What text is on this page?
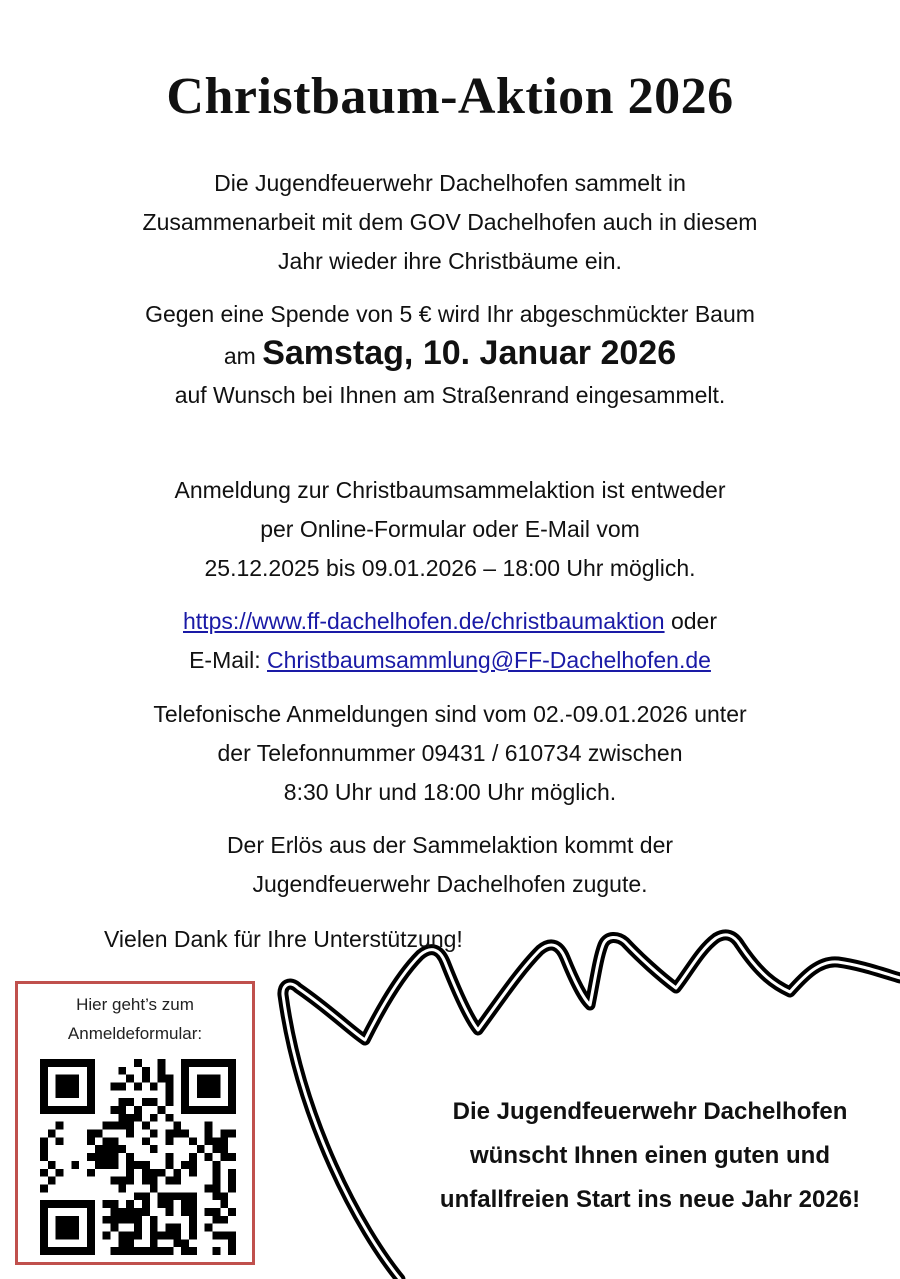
Christbaum-Aktion 2026

Die Jugendfeuerwehr Dachelhofen sammelt in
Zusammenarbeit mit dem GOV Dachelhofen auch in diesem
Jahr wieder ihre Christbäume ein.

Gegen eine Spende von 5 € wird Ihr abgeschmückter Baum
am Samstag, 10. Januar 2026
auf Wunsch bei Ihnen am Straßenrand eingesammelt.

Anmeldung zur Christbaumsammelaktion ist entweder
per Online-Formular oder E-Mail vom
25.12.2025 bis 09.01.2026 – 18:00 Uhr möglich.

https://www.ff-dachelhofen.de/christbaumaktion oder
E-Mail: Christbaumsammlung@FF-Dachelhofen.de

Telefonische Anmeldungen sind vom 02.-09.01.2026 unter
der Telefonnummer 09431 / 610734 zwischen
8:30 Uhr und 18:00 Uhr möglich.

Der Erlös aus der Sammelaktion kommt der
Jugendfeuerwehr Dachelhofen zugute.

Vielen Dank für Ihre Unterstützung!

Hier geht’s zum
Anmeldeformular:

Die Jugendfeuerwehr Dachelhofen
wünscht Ihnen einen guten und
unfallfreien Start ins neue Jahr 2026!
